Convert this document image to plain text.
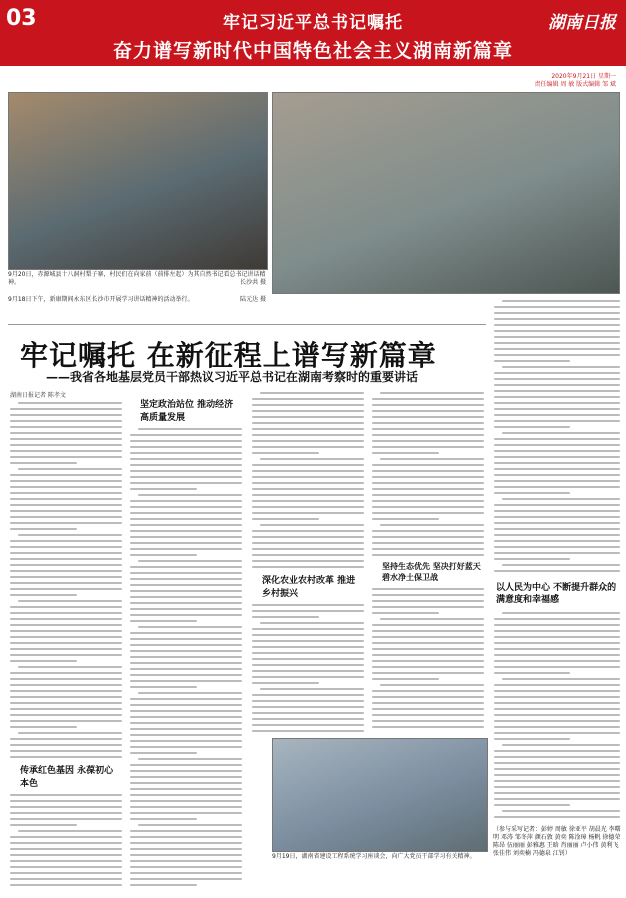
03	牢记习近平总书记嘱托
奋力谱写新时代中国特色社会主义湖南新篇章
湖南日报
2020年9月21日 星期一
责任编辑 周 敏 版式编辑 邹 斌
9月20日，赤源城县十八洞村梨子寨，村民们在向家前（前排左起）为其自然书记看总书记讲话精神。	长沙共 摄
9月18日下午，新康期间永东区长沙市开展学习讲话精神的活动举行。	陆元达 摄
9月19日，湖南省建设工程系统学习座谈会，向广大党员干部学习有关精神。
牢记嘱托 在新征程上谱写新篇章
——我省各地基层党员干部热议习近平总书记在湖南考察时的重要讲话
湖南日报记者 陈孝文
传承红色基因 永葆初心本色
坚定政治站位 推动经济高质量发展
深化农业农村改革 推进乡村振兴
坚持生态优先 坚决打好蓝天碧水净土保卫战
以人民为中心 不断提升群众的满意度和幸福感
（参与采写记者：彭婷 周敏 徐亚平 胡晨光 李曙明 邓涛 邹冬萍 颜石敦 黄奕 陈淦璋 杨帆 徐德荣 陈昂 伍丽丽 彭雅惠 王晗 肖丽丽 卢小伟 黄利飞 张佳伟 刘奕楠 冯德泉 江钊）
